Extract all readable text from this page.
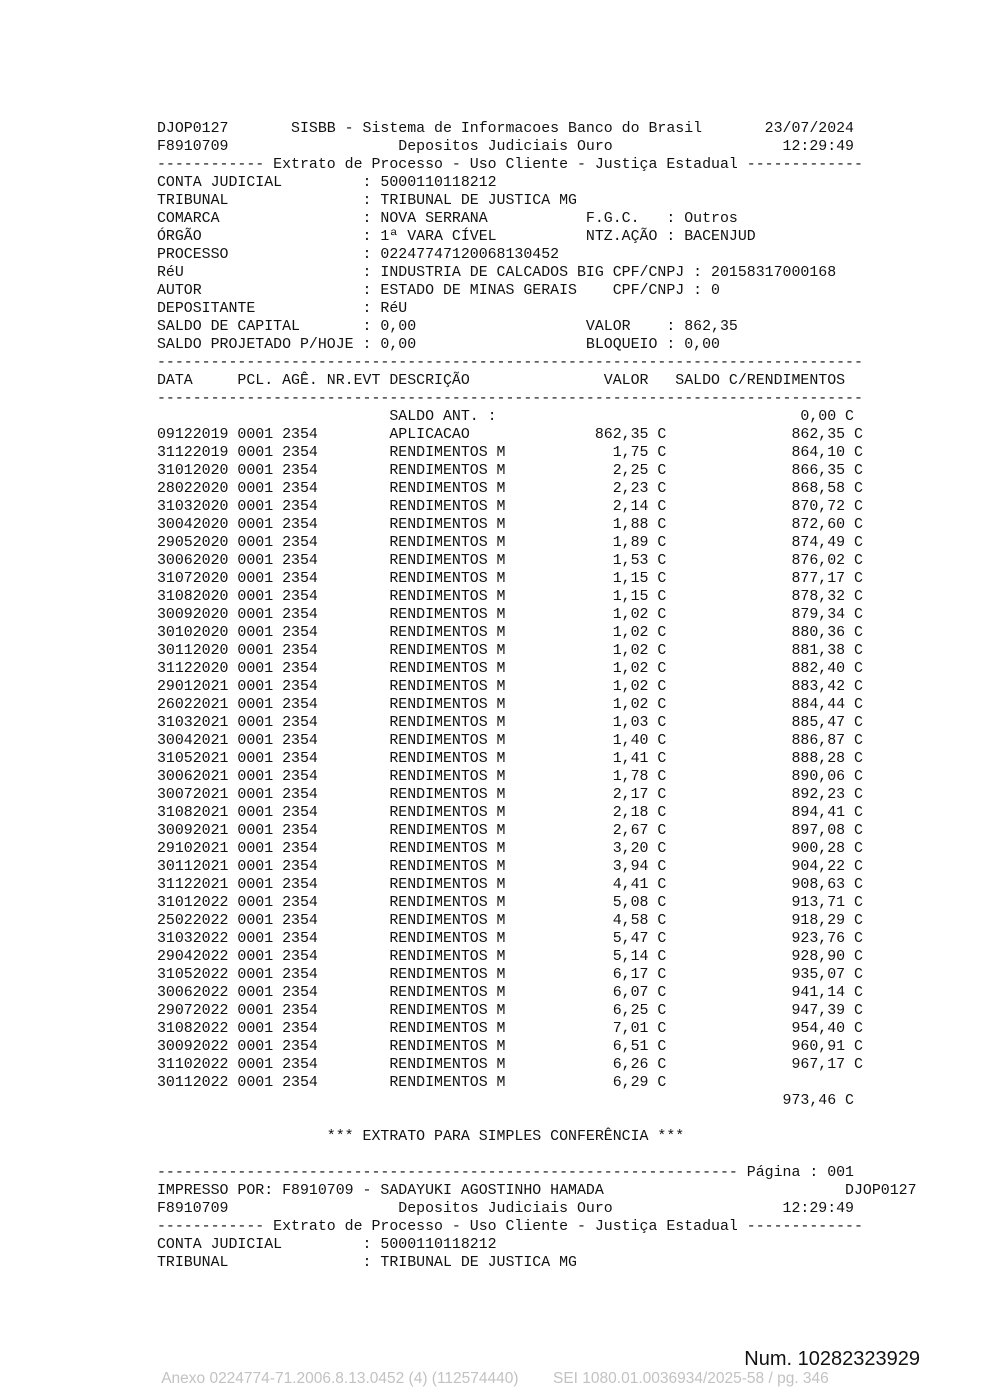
DJOP0127       SISBB - Sistema de Informacoes Banco do Brasil       23/07/2024
F8910709                   Depositos Judiciais Ouro                   12:29:49
------------ Extrato de Processo - Uso Cliente - Justiça Estadual -------------
CONTA JUDICIAL         : 5000110118212
TRIBUNAL               : TRIBUNAL DE JUSTICA MG
COMARCA                : NOVA SERRANA           F.G.C.   : Outros
ÓRGÃO                  : 1ª VARA CÍVEL          NTZ.AÇÃO : BACENJUD
PROCESSO               : 02247747120068130452
RéU                    : INDUSTRIA DE CALCADOS BIG CPF/CNPJ : 20158317000168
AUTOR                  : ESTADO DE MINAS GERAIS    CPF/CNPJ : 0
DEPOSITANTE            : RéU
SALDO DE CAPITAL       : 0,00                   VALOR    : 862,35
SALDO PROJETADO P/HOJE : 0,00                   BLOQUEIO : 0,00
-------------------------------------------------------------------------------
DATA     PCL. AGÊ. NR.EVT DESCRIÇÃO               VALOR   SALDO C/RENDIMENTOS
-------------------------------------------------------------------------------
SALDO ANT. :                                  0,00 C
09122019 0001 2354        APLICACAO              862,35 C              862,35 C
31122019 0001 2354        RENDIMENTOS M            1,75 C              864,10 C
31012020 0001 2354        RENDIMENTOS M            2,25 C              866,35 C
28022020 0001 2354        RENDIMENTOS M            2,23 C              868,58 C
31032020 0001 2354        RENDIMENTOS M            2,14 C              870,72 C
30042020 0001 2354        RENDIMENTOS M            1,88 C              872,60 C
29052020 0001 2354        RENDIMENTOS M            1,89 C              874,49 C
30062020 0001 2354        RENDIMENTOS M            1,53 C              876,02 C
31072020 0001 2354        RENDIMENTOS M            1,15 C              877,17 C
31082020 0001 2354        RENDIMENTOS M            1,15 C              878,32 C
30092020 0001 2354        RENDIMENTOS M            1,02 C              879,34 C
30102020 0001 2354        RENDIMENTOS M            1,02 C              880,36 C
30112020 0001 2354        RENDIMENTOS M            1,02 C              881,38 C
31122020 0001 2354        RENDIMENTOS M            1,02 C              882,40 C
29012021 0001 2354        RENDIMENTOS M            1,02 C              883,42 C
26022021 0001 2354        RENDIMENTOS M            1,02 C              884,44 C
31032021 0001 2354        RENDIMENTOS M            1,03 C              885,47 C
30042021 0001 2354        RENDIMENTOS M            1,40 C              886,87 C
31052021 0001 2354        RENDIMENTOS M            1,41 C              888,28 C
30062021 0001 2354        RENDIMENTOS M            1,78 C              890,06 C
30072021 0001 2354        RENDIMENTOS M            2,17 C              892,23 C
31082021 0001 2354        RENDIMENTOS M            2,18 C              894,41 C
30092021 0001 2354        RENDIMENTOS M            2,67 C              897,08 C
29102021 0001 2354        RENDIMENTOS M            3,20 C              900,28 C
30112021 0001 2354        RENDIMENTOS M            3,94 C              904,22 C
31122021 0001 2354        RENDIMENTOS M            4,41 C              908,63 C
31012022 0001 2354        RENDIMENTOS M            5,08 C              913,71 C
25022022 0001 2354        RENDIMENTOS M            4,58 C              918,29 C
31032022 0001 2354        RENDIMENTOS M            5,47 C              923,76 C
29042022 0001 2354        RENDIMENTOS M            5,14 C              928,90 C
31052022 0001 2354        RENDIMENTOS M            6,17 C              935,07 C
30062022 0001 2354        RENDIMENTOS M            6,07 C              941,14 C
29072022 0001 2354        RENDIMENTOS M            6,25 C              947,39 C
31082022 0001 2354        RENDIMENTOS M            7,01 C              954,40 C
30092022 0001 2354        RENDIMENTOS M            6,51 C              960,91 C
31102022 0001 2354        RENDIMENTOS M            6,26 C              967,17 C
30112022 0001 2354        RENDIMENTOS M            6,29 C
973,46 C
*** EXTRATO PARA SIMPLES CONFERÊNCIA ***
----------------------------------------------------------------- Página : 001
IMPRESSO POR: F8910709 - SADAYUKI AGOSTINHO HAMADA                           DJOP0127
F8910709                   Depositos Judiciais Ouro                   12:29:49
------------ Extrato de Processo - Uso Cliente - Justiça Estadual -------------
CONTA JUDICIAL         : 5000110118212
TRIBUNAL               : TRIBUNAL DE JUSTICA MG
Num. 10282323929
Anexo 0224774-71.2006.8.13.0452 (4) (112574440)        SEI 1080.01.0036934/2025-58 / pg. 346
